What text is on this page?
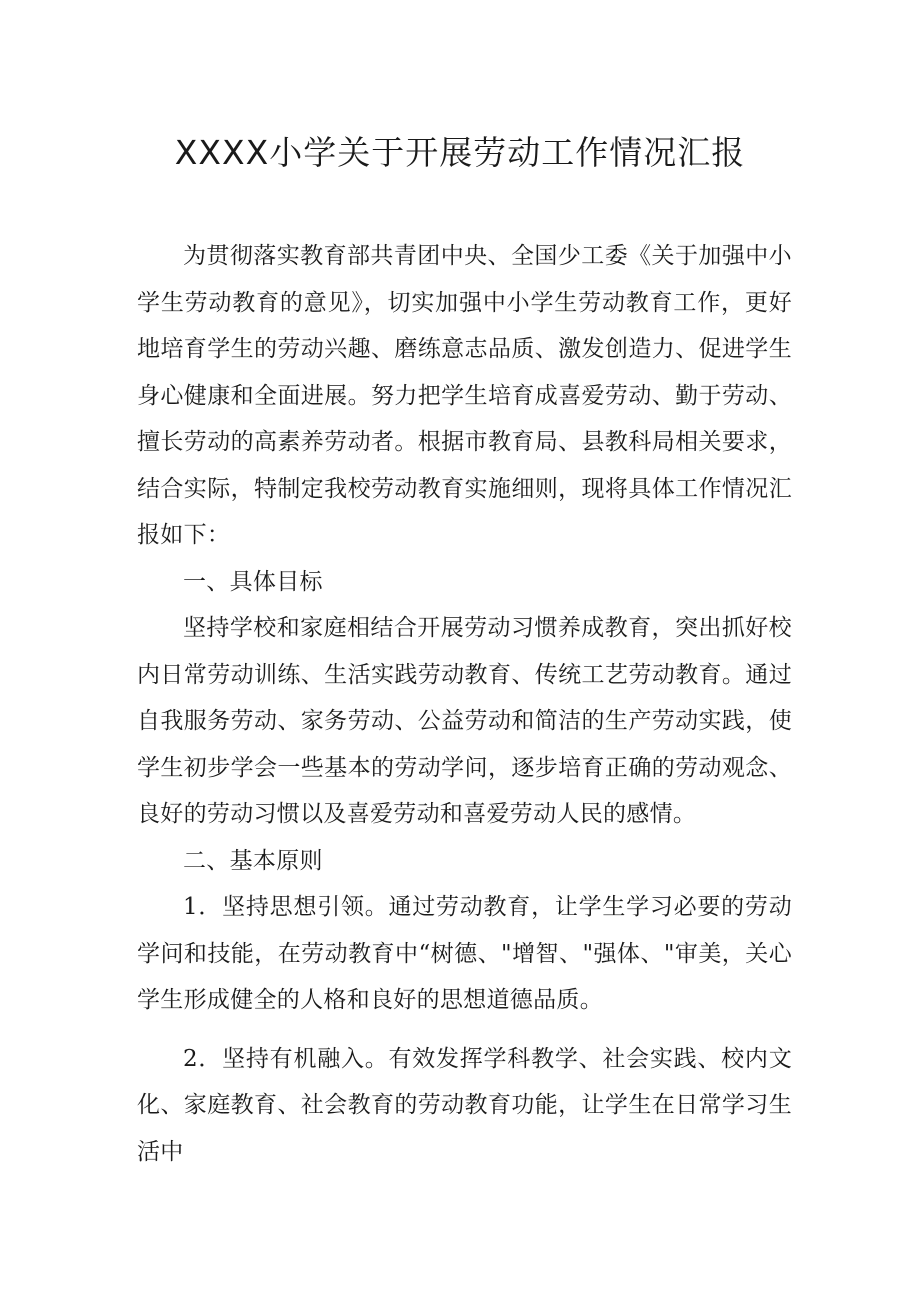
XXXX小学关于开展劳动工作情况汇报

为贯彻落实教育部共青团中央、全国少工委《关于加强中小学生劳动教育的意见》，切实加强中小学生劳动教育工作，更好地培育学生的劳动兴趣、磨练意志品质、激发创造力、促进学生身心健康和全面进展。努力把学生培育成喜爱劳动、勤于劳动、擅长劳动的高素养劳动者。根据市教育局、县教科局相关要求，结合实际，特制定我校劳动教育实施细则，现将具体工作情况汇报如下：

一、具体目标

坚持学校和家庭相结合开展劳动习惯养成教育，突出抓好校内日常劳动训练、生活实践劳动教育、传统工艺劳动教育。通过自我服务劳动、家务劳动、公益劳动和简洁的生产劳动实践，使学生初步学会一些基本的劳动学问，逐步培育正确的劳动观念、良好的劳动习惯以及喜爱劳动和喜爱劳动人民的感情。

二、基本原则

1．坚持思想引领。通过劳动教育，让学生学习必要的劳动学问和技能，在劳动教育中“树德、"增智、"强体、"审美，关心学生形成健全的人格和良好的思想道德品质。

2．坚持有机融入。有效发挥学科教学、社会实践、校内文化、家庭教育、社会教育的劳动教育功能，让学生在日常学习生活中
